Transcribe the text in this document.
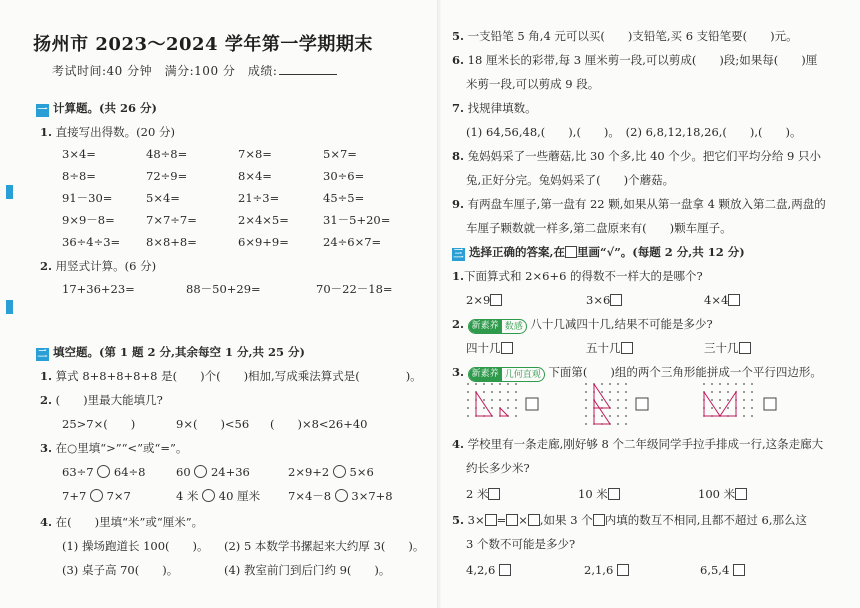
扬州市 2023～2024 学年第一学期期末
考试时间:40 分钟　满分:100 分　成绩:
一 计算题。(共 26 分)
1. 直接写出得数。(20 分)
3×4=	48÷8=	7×8=	5×7=
8÷8=	72÷9=	8×4=	30÷6=
91－30=	5×4=	21÷3=	45÷5=
9×9－8=	7×7÷7=	2×4×5=	31－5+20=
36÷4÷3= 8×8+8=	6×9+9=	24÷6×7=
2. 用竖式计算。(6 分)
17+36+23=	88－50+29=	70－22－18=
二 填空题。(第 1 题 2 分,其余每空 1 分,共 25 分)
1. 算式 8+8+8+8+8 是(　　)个(　　)相加,写成乘法算式是(　　　　)。
2. (　　)里最大能填几?
25>7×(　　)	9×(　　)<56 (　　)×8<26+40
3. 在○里填“>”“<”或“=”。
63÷7 64÷8	60 24+36	2×9+2 5×6
7+7 7×7	4 米 40 厘米 7×4－8 3×7+8
4. 在(　　)里填“米”或“厘米”。
(1) 操场跑道长 100(　　)。 (2) 5 本数学书摞起来大约厚 3(　　)。
(3) 桌子高 70(　　)。	(4) 教室前门到后门约 9(　　)。
5. 一支铅笔 5 角,4 元可以买(　　)支铅笔,买 6 支铅笔要(　　)元。
6. 18 厘米长的彩带,每 3 厘米剪一段,可以剪成(　　)段;如果每(　　)厘
米剪一段,可以剪成 9 段。
7. 找规律填数。
(1) 64,56,48,(　　),(　　)。　(2) 6,8,12,18,26,(　　),(　　)。
8. 兔妈妈采了一些蘑菇,比 30 个多,比 40 个少。把它们平均分给 9 只小
兔,正好分完。兔妈妈采了(　　)个蘑菇。
9. 有两盘车厘子,第一盘有 22 颗,如果从第一盘拿 4 颗放入第二盘,两盘的
车厘子颗数就一样多,第二盘原来有(　　)颗车厘子。
三 选择正确的答案,在 里画“√”。(每题 2 分,共 12 分)
1.下面算式和 2×6+6 的得数不一样大的是哪个?
2×9	3×6	4×4
2. 新素养 数感 八十几减四十几,结果不可能是多少?
四十几	五十几	三十几
3. 新素养 几何直观 下面第(　　)组的两个三角形能拼成一个平行四边形。
4. 学校里有一条走廊,刚好够 8 个二年级同学手拉手排成一行,这条走廊大
约长多少米?
2 米	10 米	100 米
5. 3× = × ,如果 3 个 内填的数互不相同,且都不超过 6,那么这
3 个数不可能是多少?
4,2,6	2,1,6	6,5,4
